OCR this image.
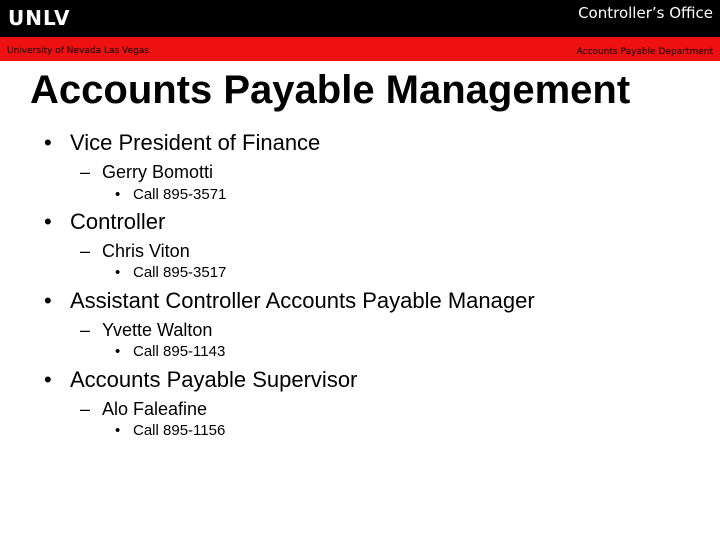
UNLV	Controller’s Office
University of Nevada Las Vegas	Accounts Payable Department
Accounts Payable Management
• Vice President of Finance
– Gerry Bomotti
• Call 895-3571
• Controller
– Chris Viton
• Call 895-3517
• Assistant Controller Accounts Payable Manager
– Yvette Walton
• Call 895-1143
• Accounts Payable Supervisor
– Alo Faleafine
• Call 895-1156
